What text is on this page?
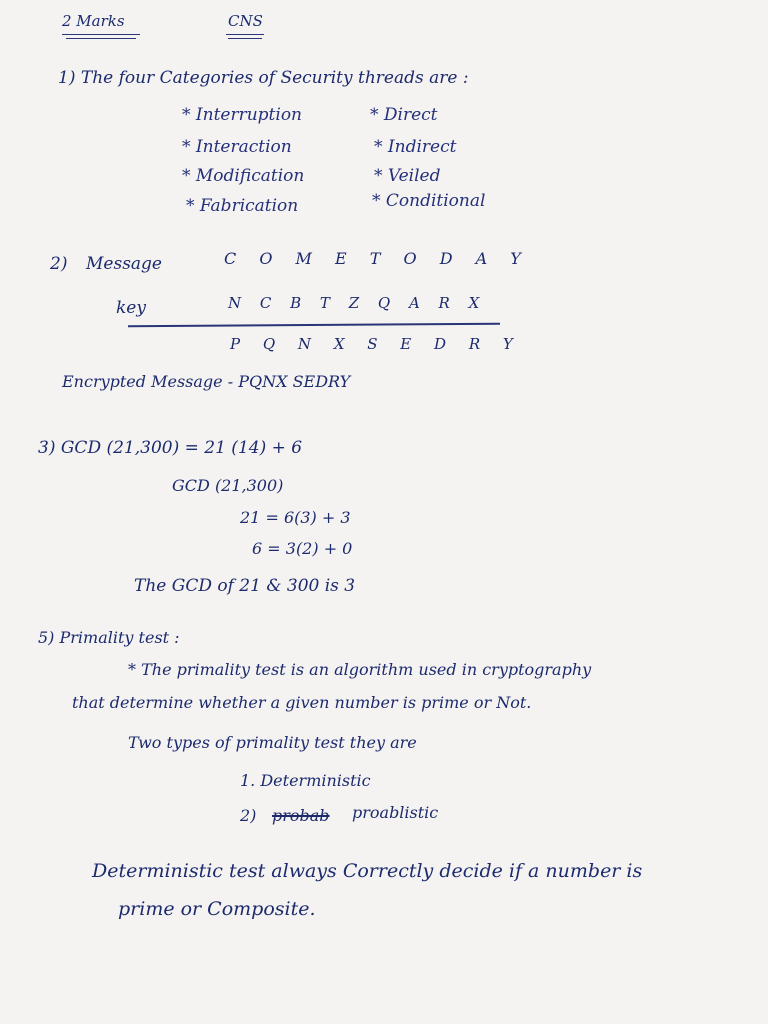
2 Marks	CNS
1) The four Categories of Security threads are :
* Interruption
* Interaction
* Modification
* Fabrication
* Direct
* Indirect
* Veiled
* Conditional
2) Message	C O M E T O D A Y
key	N C B T Z Q A R X
P Q N X S E D R Y
Encrypted Message - PQNX SEDRY
3) GCD (21,300) = 21 (14) + 6
GCD (21,300)
21 = 6(3) + 3
6 = 3(2) + 0
The GCD of 21 & 300 is 3
5) Primality test :
* The primality test is an algorithm used in cryptography
that determine whether a given number is prime or Not.
Two types of primality test they are
1. Deterministic
2) probab proablistic
Deterministic test always Correctly decide if a number is
prime or Composite.
